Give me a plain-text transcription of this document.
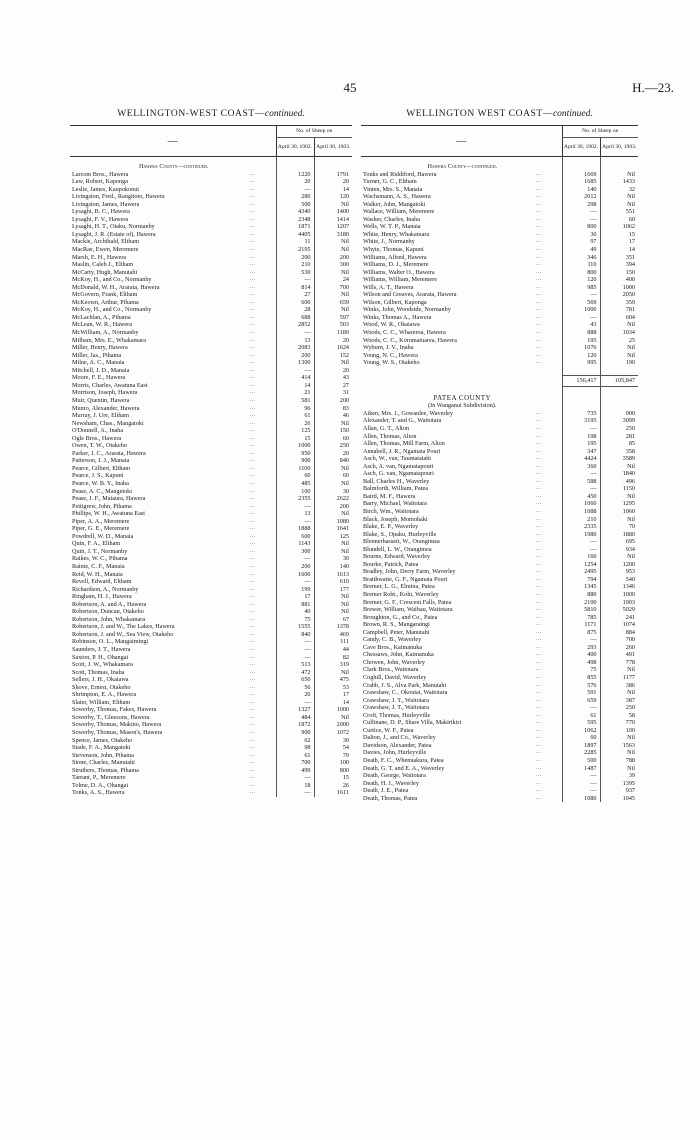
45	H.—23.
WELLINGTON-WEST COAST—continued.
—		No. of Sheep on	
		April 30, 1902.	April 30, 1903.
Hawera County—continued.			
Larcom Bros., Hawera	...	1220	1791
Law, Robert, Kaponga	...	20	20
Leslie, James, Kaupokonui	...	—	14
Livingston, Fred., Rangitoto, Hawera	...	280	120
Livingston, James, Hawera	...	500	Nil
Lysaght, B. C., Hawera	...	4340	1400
Lysaght, F. V., Hawera	...	2348	1414
Lysaght, H. T., Otaku, Normanby	...	1871	1207
Lysaght, J. R. (Estate of), Hawera	...	4405	3180
Mackie, Archibald, Eltham	...	11	Nil
MacRae, Ewen, Meremere	...	2195	Nil
Marsh, E. H., Hawera	...	200	200
Maslin, Caleb J., Eltham	...	210	300
McCarty, Hugh, Manutahi	...	530	Nil
McKoy, H., and Co., Normanby	...	—	24
McDonald, W. H., Ararata, Hawera	...	814	700
McGovern, Frank, Eltham	...	27	Nil
McKeown, Arthur, Pihama	...	600	659
McKoy, H., and Co., Normanby	...	28	Nil
McLachlan, A., Pihama	...	688	597
McLean, W. R., Hawera	...	2852	503
McWilliam, A., Normanby	...	—	1189
Milbam, Mrs. E., Whakamara	...	13	20
Miller, Henry, Hawera	...	2083	1624
Miller, Jas., Pihama	...	200	152
Milne, A. C., Manaia	...	1300	Nil
Mitchell, J. D., Manaia	...	—	20
Moore, F. E., Hawera	...	414	43
Morris, Charles, Awatuna East	...	14	27
Morrison, Joseph, Hawera	...	21	31
Muir, Quentin, Hawera	...	581	200
Munro, Alexander, Hawera	...	96	83
Murray, J. Ure, Eltham	...	61	46
Newsham, Chas., Mangatoki	...	26	Nil
O'Donnell, A., Inaha	...	125	150
Ogle Bros., Hawera	...	15	60
Owen, T. W., Otakeho	...	1000	250
Parker, J. C., Ararata, Hawera	...	950	20
Patterson, J. J., Manaia	...	900	840
Pearce, Gilbert, Eltham	...	1100	Nil
Pearce, J. S., Kapuni	...	60	60
Pearce, W. B. Y., Inaha	...	485	Nil
Pease, A. C., Mangetoki	...	100	30
Pease, J. F., Mataura, Hawera	...	2355	2622
Pettigrew, John, Pihama	...	—	200
Phillips, W. H., Awatuna East	...	13	Nil
Piper, A. A., Meremere	...	—	1080
Piper, G. E., Meremere	...	1888	1641
Powdrell, W. D., Manaia	...	600	125
Quin, F. A., Eltham	...	1143	Nil
Quin, J. T., Normanby	...	300	Nil
Raikes, W. C., Pihama	...	—	30
Rainie, C. F., Manaia	...	200	140
Reid, W. H., Manaia	...	1600	1613
Revell, Edward, Eltham	...	—	610
Richardson, A., Normanby	...	199	177
Ringham, H. J., Hawera	...	17	Nil
Robertson, A. and A., Hawera	...	881	Nil
Robertson, Duncan, Otakeho	...	40	Nil
Robertson, John, Whakamara	...	75	67
Robertson, J. and W., The Lakes, Hawera	...	1555	1378
Robertson, J. and W., Sea View, Otakeho	...	840	469
Robinson, O. L., Mangaimingi	...	—	111
Saunders, J. T., Hawera	...	—	44
Saxton, P. H., Ohangai	...	—	82
Scott, J. W., Whakamara	...	513	319
Scott, Thomas, Inaha	...	472	Nil
Sellers, J. H., Okaiawa	...	650	475
Shove, Ernest, Otakeho	...	56	53
Shrimpton, E. A., Hawera	...	20	17
Slater, William, Eltham	...	—	14
Sowerby, Thomas, Fakes, Hawera	...	1327	1000
Sowerby, T., Gleesons, Hawera	...	484	Nil
Sowerby, Thomas, Makino, Hawera	...	1872	2000
Sowerby, Thomas, Mason's, Hawera	...	900	1072
Spence, James, Otakeho	...	62	30
Stade, F. A., Mangatoki	...	98	54
Stevenson, John, Pihama	...	61	70
Stone, Charles, Manutahi	...	700	100
Struthers, Thomas, Pihama	...	499	800
Tarrant, P., Meremere	...	—	15
Tolme, D. A., Ohangai	...	18	26
Tonks, A. S., Hawera	...	—	1611
WELLINGTON WEST COAST—continued.
—		No. of Sheep on	
		April 30, 1902.	April 30, 1903.
Hawera County—continued.			
Tonks and Riddiford, Hawera	...	1669	Nil
Turner, G. C., Eltham	...	1685	1433
Vinten, Mrs. S., Manaia	...	140	32
Wachsmann, A. S., Hawera	...	2012	Nil
Walker, John, Mangatoki	...	298	Nil
Wallace, William, Meremere	...	—	551
Washer, Charles, Inaha	...	—	60
Wells, W. T. P., Manaia	...	800	1062
White, Henry, Whakamara	...	30	15
White, J., Normanby	...	97	17
Whyte, Thomas, Kapuni	...	49	14
Williams, Alfred, Hawera	...	346	351
Williams, D. J., Meremere	...	110	394
Williams, Walter O., Hawera	...	800	150
Williams, William, Meremere	...	120	400
Wills, A. T., Hawera	...	985	1000
Wilson and Greaves, Ararata, Hawera	...	—	2050
Wilson, Gilbert, Kaponga	...	569	359
Winks, John, Woodside, Normanby	...	1000	781
Winks, Thomas A., Hawera	...	—	604
Wood, W. R., Okaiawa	...	43	Nil
Woods, C. C., Whareroa, Hawera	...	888	1034
Woods, C. C., Koromatuarea, Hawera	...	195	25
Wyburn, J. V., Inaha	...	1076	Nil
Young, N. C., Hawera	...	120	Nil
Young, W. S., Otakeho	...	995	190

		156,417	105,847

PATEA COUNTY			
(In Wanganui Subdivision).			
Aiken, Mrs. J., Gowanlee, Waverley	...	735	900
Alexander, T. and G., Waitotara	...	3195	3099
Allan, G. T., Alton	...	—	250
Allen, Thomas, Alton	...	198	281
Allen, Thomas, Mill Farm, Alton	...	195	85
Annabell, J. R., Ngamata Pouri	...	347	358
Asch, W., van, Taumatatahi	...	4424	3589
Asch, A. van, Ngamatapouri	...	360	Nil
Asch, G. van, Ngamatapouri	...	—	1840
Ball, Charles H., Waverley	...	588	496
Balmforth, William, Patea	...	—	1150
Baird, M. F., Hawera	...	450	Nil
Barry, Michael, Waitotara	...	1060	1295
Birch, Wm., Waitotara	...	1088	1060
Black, Joseph, Momohaki	...	210	Nil
Blake, E. P., Waverley	...	2335	70
Blake, S., Opaku, Hurleyville	...	1980	1880
Blennerhassett, W., Orangimea	...	—	695
Blundell, L. W., Orangimea	...	—	934
Bourne, Edward, Waverley	...	160	Nil
Bourke, Patrick, Patea	...	1254	1200
Bradley, John, Derry Farm, Waverley	...	2495	953
Braithwaite, G. F., Ngamata Pouri	...	794	540
Bremer, L. G., Elmina, Patea	...	1345	1346
Bremer Robt., Kohi, Waverley	...	880	1000
Bremer, G. F., Crescent Falls, Patea	...	2100	1903
Brewer, William, Waihau, Waitotara	...	5810	5029
Broughton, G., and Co., Patea	...	785	241
Brown, R. S., Mangaraingi	...	1171	1074
Campbell, Peter, Manutahi	...	875	884
Candy, C. B., Waverley	...	—	700
Cave Bros., Kaimanuka	...	293	260
Chessaws, John, Kaimanuka	...	400	491
Chowen, John, Waverley	...	498	778
Clark Bros., Waitotara	...	75	Nil
Coghill, David, Waverley	...	855	1177
Crabb, J. S., Alva Park, Manutahi	...	576	386
Crawshaw, C., Okoutai, Waitotara	...	591	Nil
Crawshaw, J. T., Waitotara	...	659	387
Crawshaw, J. T., Waitotara	...	—	250
Croft, Thomas, Hurleyville	...	61	58
Cullinane, D. P., Share Villa, Makirikiri	...	595	770
Curtice, W. F., Patea	...	1062	100
Dalton, J., and Co., Waverley	...	60	Nil
Davidson, Alexander, Patea	...	1897	1563
Davies, John, Hurleyville	...	2285	Nil
Death, F. C., Whenuakura, Patea	...	500	788
Death, G. T. and E. A., Waverley	...	1487	Nil
Death, George, Waitotara	...	—	39
Death, H. J., Waverley	...	—	1395
Death, J. E., Patea	...	—	937
Death, Thomas, Patea	...	1080	1045
